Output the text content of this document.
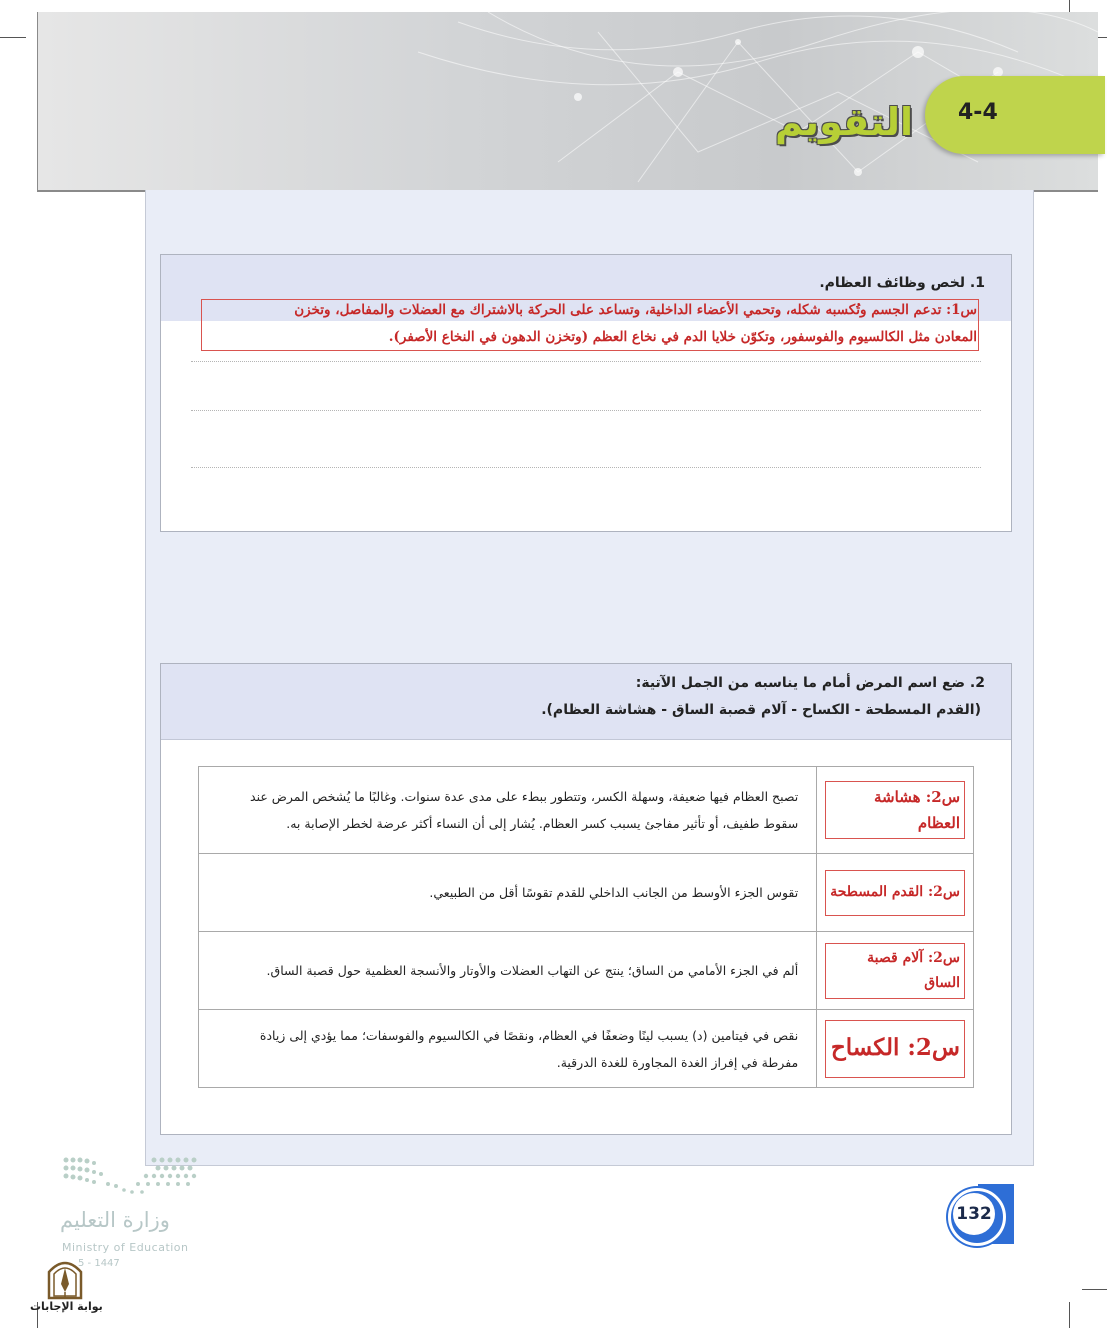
4-4
التقويم
1. لخص وظائف العظام.
س1: تدعم الجسم وتُكسبه شكله، وتحمي الأعضاء الداخلية، وتساعد على الحركة بالاشتراك مع العضلات والمفاصل، وتخزن
المعادن مثل الكالسيوم والفوسفور، وتكوّن خلايا الدم في نخاع العظم (وتخزن الدهون في النخاع الأصفر).
2. ضع اسم المرض أمام ما يناسبه من الجمل الآتية:
(القدم المسطحة - الكساح - آلام قصبة الساق - هشاشة العظام).
س2: هشاشة العظام	تصبح العظام فيها ضعيفة، وسهلة الكسر، وتتطور ببطء على مدى عدة سنوات. وغالبًا ما يُشخص المرض عند سقوط طفيف، أو تأثير مفاجئ يسبب كسر العظام. يُشار إلى أن النساء أكثر عرضة لخطر الإصابة به.

س2: القدم المسطحة	تقوس الجزء الأوسط من الجانب الداخلي للقدم تقوسًا أقل من الطبيعي.

س2: آلام قصبة الساق	ألم في الجزء الأمامي من الساق؛ ينتج عن التهاب العضلات والأوتار والأنسجة العظمية حول قصبة الساق.

س2: الكساح	نقص في فيتامين (د) يسبب لينًا وضعفًا في العظام، ونقصًا في الكالسيوم والفوسفات؛ مما يؤدي إلى زيادة مفرطة في إفراز الغدة المجاورة للغدة الدرقية.
132
وزارة التعليم
Ministry of Education
5 - 1447
بوابة الإجابات
